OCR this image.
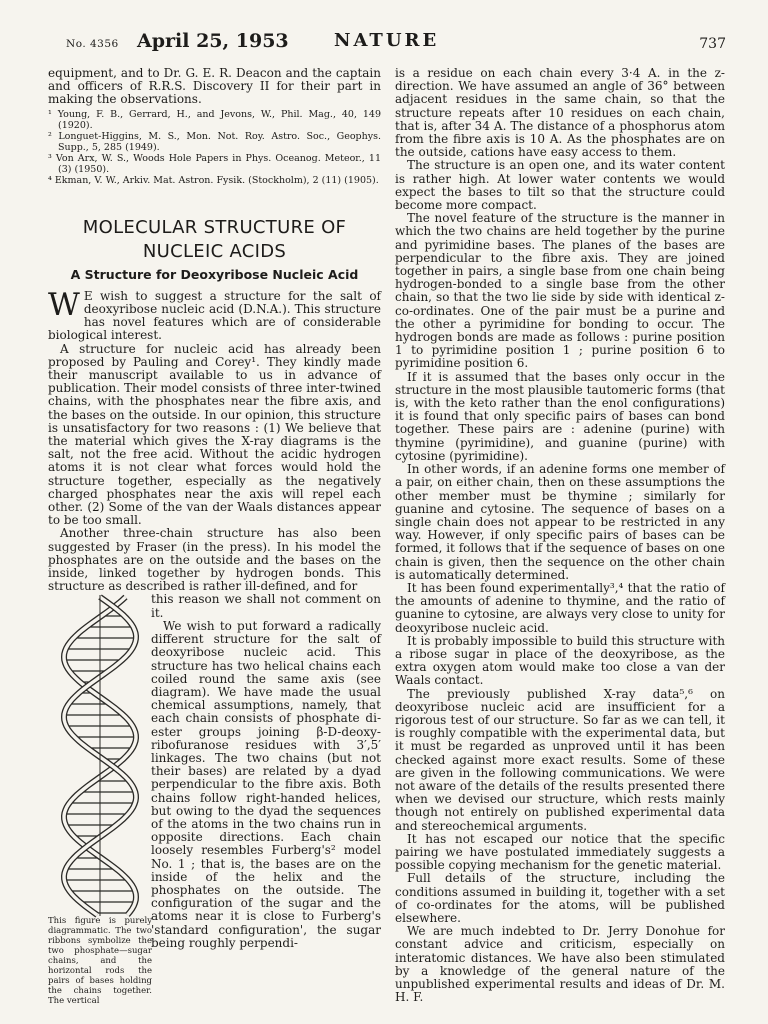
No. 4356 April 25, 1953	NATURE	737

equipment, and to Dr. G. E. R. Deacon and the captain and officers of R.R.S. Discovery II for their part in making the observations.

¹ Young, F. B., Gerrard, H., and Jevons, W., Phil. Mag., 40, 149 (1920).
² Longuet-Higgins, M. S., Mon. Not. Roy. Astro. Soc., Geophys. Supp., 5, 285 (1949).
³ Von Arx, W. S., Woods Hole Papers in Phys. Oceanog. Meteor., 11 (3) (1950).
⁴ Ekman, V. W., Arkiv. Mat. Astron. Fysik. (Stockholm), 2 (11) (1905).
MOLECULAR STRUCTURE OF
NUCLEIC ACIDS
A Structure for Deoxyribose Nucleic Acid

W E wish to suggest a structure for the salt of deoxyribose nucleic acid (D.N.A.). This structure has novel features which are of considerable biological interest.

A structure for nucleic acid has already been proposed by Pauling and Corey¹. They kindly made their manuscript available to us in advance of publication. Their model consists of three inter-twined chains, with the phosphates near the fibre axis, and the bases on the outside. In our opinion, this structure is unsatisfactory for two reasons : (1) We believe that the material which gives the X-ray diagrams is the salt, not the free acid. Without the acidic hydrogen atoms it is not clear what forces would hold the structure together, especially as the negatively charged phosphates near the axis will repel each other. (2) Some of the van der Waals distances appear to be too small.

Another three-chain structure has also been suggested by Fraser (in the press). In his model the phosphates are on the outside and the bases on the inside, linked together by hydrogen bonds. This structure as described is rather ill-defined, and for

This figure is purely diagrammatic. The two ribbons symbolize the two phosphate—sugar chains, and the horizontal rods the pairs of bases holding the chains together. The vertical

this reason we shall not comment on it.

We wish to put forward a radically different structure for the salt of deoxyribose nucleic acid. This structure has two helical chains each coiled round the same axis (see diagram). We have made the usual chemical assumptions, namely, that each chain consists of phosphate di-ester groups joining β-D-deoxy-ribofuranose residues with 3′,5′ linkages. The two chains (but not their bases) are related by a dyad perpendicular to the fibre axis. Both chains follow right-handed helices, but owing to the dyad the sequences of the atoms in the two chains run in opposite directions. Each chain loosely resembles Furberg's² model No. 1 ; that is, the bases are on the inside of the helix and the phosphates on the outside. The configuration of the sugar and the atoms near it is close to Furberg's 'standard configuration', the sugar being roughly perpendi-

is a residue on each chain every 3·4 A. in the z-direction. We have assumed an angle of 36° between adjacent residues in the same chain, so that the structure repeats after 10 residues on each chain, that is, after 34 A. The distance of a phosphorus atom from the fibre axis is 10 A. As the phosphates are on the outside, cations have easy access to them.

The structure is an open one, and its water content is rather high. At lower water contents we would expect the bases to tilt so that the structure could become more compact.

The novel feature of the structure is the manner in which the two chains are held together by the purine and pyrimidine bases. The planes of the bases are perpendicular to the fibre axis. They are joined together in pairs, a single base from one chain being hydrogen-bonded to a single base from the other chain, so that the two lie side by side with identical z-co-ordinates. One of the pair must be a purine and the other a pyrimidine for bonding to occur. The hydrogen bonds are made as follows : purine position 1 to pyrimidine position 1 ; purine position 6 to pyrimidine position 6.

If it is assumed that the bases only occur in the structure in the most plausible tautomeric forms (that is, with the keto rather than the enol configurations) it is found that only specific pairs of bases can bond together. These pairs are : adenine (purine) with thymine (pyrimidine), and guanine (purine) with cytosine (pyrimidine).

In other words, if an adenine forms one member of a pair, on either chain, then on these assumptions the other member must be thymine ; similarly for guanine and cytosine. The sequence of bases on a single chain does not appear to be restricted in any way. However, if only specific pairs of bases can be formed, it follows that if the sequence of bases on one chain is given, then the sequence on the other chain is automatically determined.

It has been found experimentally³,⁴ that the ratio of the amounts of adenine to thymine, and the ratio of guanine to cytosine, are always very close to unity for deoxyribose nucleic acid.

It is probably impossible to build this structure with a ribose sugar in place of the deoxyribose, as the extra oxygen atom would make too close a van der Waals contact.

The previously published X-ray data⁵,⁶ on deoxyribose nucleic acid are insufficient for a rigorous test of our structure. So far as we can tell, it is roughly compatible with the experimental data, but it must be regarded as unproved until it has been checked against more exact results. Some of these are given in the following communications. We were not aware of the details of the results presented there when we devised our structure, which rests mainly though not entirely on published experimental data and stereochemical arguments.

It has not escaped our notice that the specific pairing we have postulated immediately suggests a possible copying mechanism for the genetic material.

Full details of the structure, including the conditions assumed in building it, together with a set of co-ordinates for the atoms, will be published elsewhere.

We are much indebted to Dr. Jerry Donohue for constant advice and criticism, especially on interatomic distances. We have also been stimulated by a knowledge of the general nature of the unpublished experimental results and ideas of Dr. M. H. F.
